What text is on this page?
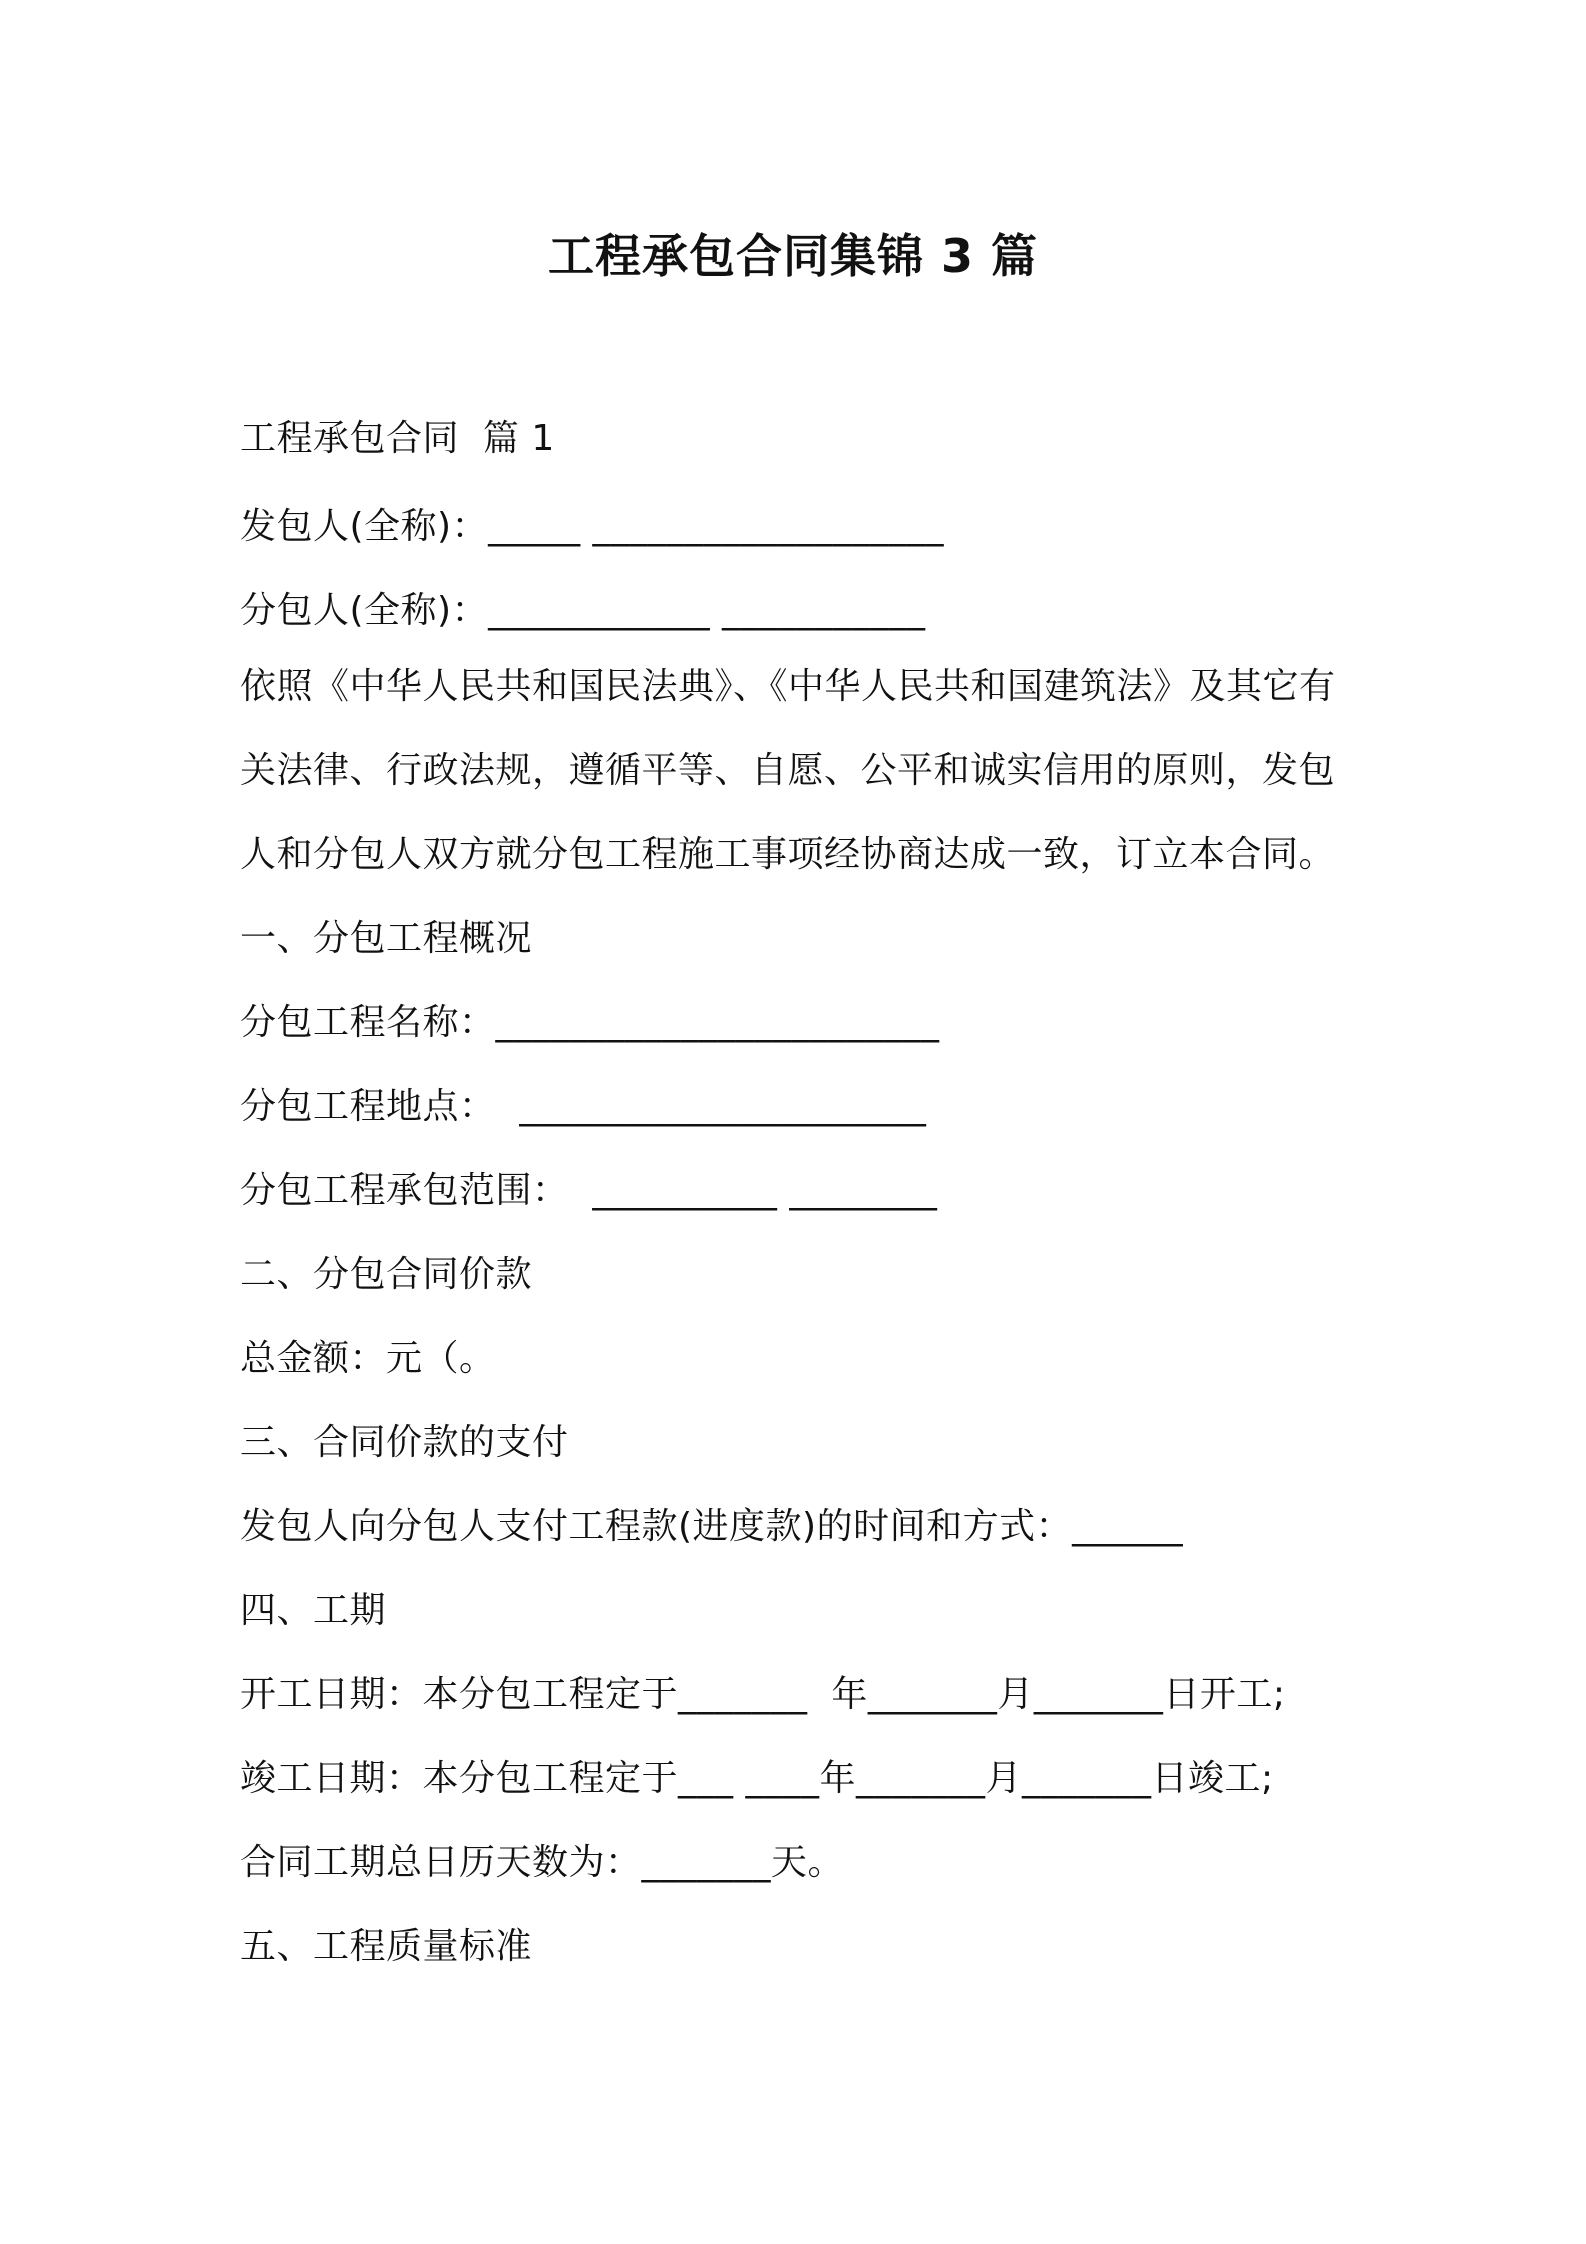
工程承包合同集锦 3 篇
工程承包合同  篇 1
发包人(全称)：_____ ___________________
分包人(全称)：____________ ___________
依照《中华人民共和国民法典》、《中华人民共和国建筑法》及其它有
关法律、行政法规，遵循平等、自愿、公平和诚实信用的原则，发包
人和分包人双方就分包工程施工事项经协商达成一致，订立本合同。
一、分包工程概况
分包工程名称：________________________
分包工程地点：  ______________________
分包工程承包范围：  __________ ________
二、分包合同价款
总金额：元（。
三、合同价款的支付
发包人向分包人支付工程款(进度款)的时间和方式：______
四、工期
开工日期：本分包工程定于_______  年_______月_______日开工;
竣工日期：本分包工程定于___ ____年_______月_______日竣工;
合同工期总日历天数为：_______天。
五、工程质量标准
